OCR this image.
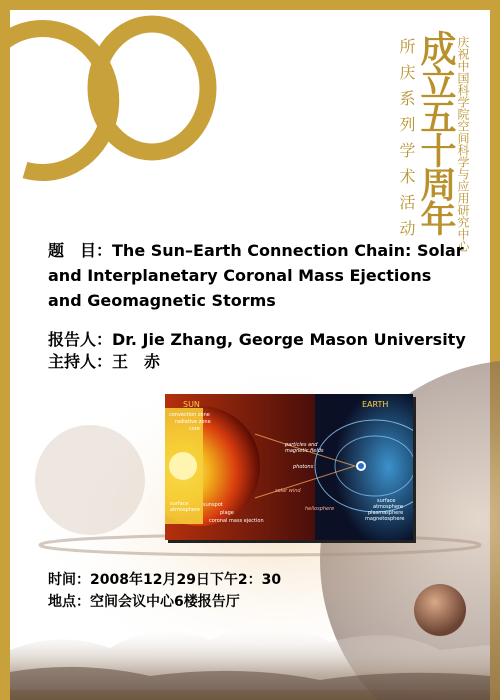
成立五十周年
所庆系列学术活动	庆祝中国科学院空间科学与应用研究中心
题　目：The Sun–Earth Connection Chain: Solar and Interplanetary Coronal Mass Ejections and Geomagnetic Storms
报告人：Dr. Jie Zhang, George Mason University
主持人：王　赤
时间：2008年12月29日下午2：30
地点：空间会议中心6楼报告厅
SUN	EARTH
convection zone
radiative zone
core
surface atmosphere
sunspot
plage
coronal mass ejection
particles and magnetic fields
photons
solar wind
heliosphere
surface
atmosphere
plasmasphere
magnetosphere
